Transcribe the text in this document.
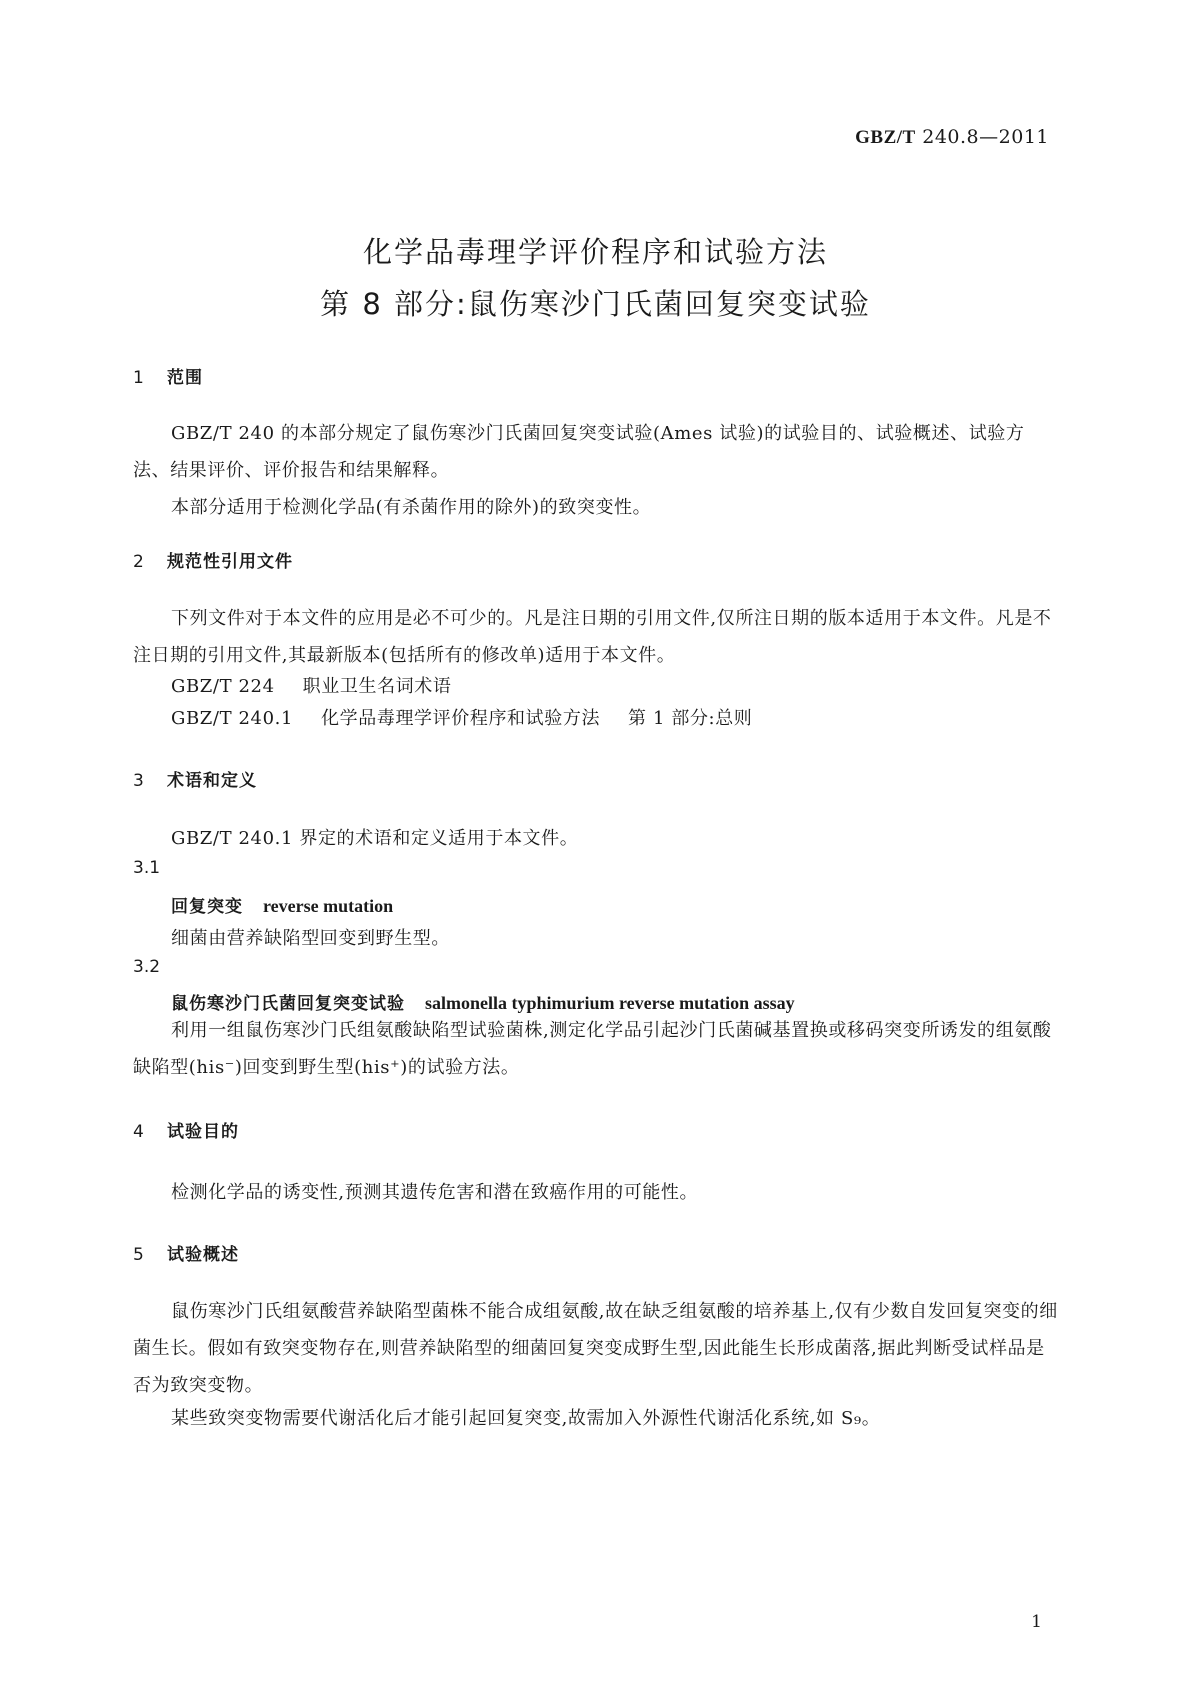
GBZ/T 240.8—2011
化学品毒理学评价程序和试验方法
第 8 部分:鼠伤寒沙门氏菌回复突变试验
1 范围

GBZ/T 240 的本部分规定了鼠伤寒沙门氏菌回复突变试验(Ames 试验)的试验目的、试验概述、试验方法、结果评价、评价报告和结果解释。

本部分适用于检测化学品(有杀菌作用的除外)的致突变性。

2 规范性引用文件

下列文件对于本文件的应用是必不可少的。凡是注日期的引用文件,仅所注日期的版本适用于本文件。凡是不注日期的引用文件,其最新版本(包括所有的修改单)适用于本文件。

GBZ/T 224 职业卫生名词术语
GBZ/T 240.1 化学品毒理学评价程序和试验方法 第 1 部分:总则
3 术语和定义
GBZ/T 240.1 界定的术语和定义适用于本文件。
3.1
回复突变 reverse mutation
细菌由营养缺陷型回变到野生型。
3.2
鼠伤寒沙门氏菌回复突变试验 salmonella typhimurium reverse mutation assay

利用一组鼠伤寒沙门氏组氨酸缺陷型试验菌株,测定化学品引起沙门氏菌碱基置换或移码突变所诱发的组氨酸缺陷型(his⁻)回变到野生型(his⁺)的试验方法。

4 试验目的
检测化学品的诱变性,预测其遗传危害和潜在致癌作用的可能性。
5 试验概述

鼠伤寒沙门氏组氨酸营养缺陷型菌株不能合成组氨酸,故在缺乏组氨酸的培养基上,仅有少数自发回复突变的细菌生长。假如有致突变物存在,则营养缺陷型的细菌回复突变成野生型,因此能生长形成菌落,据此判断受试样品是否为致突变物。

某些致突变物需要代谢活化后才能引起回复突变,故需加入外源性代谢活化系统,如 S₉。

1
